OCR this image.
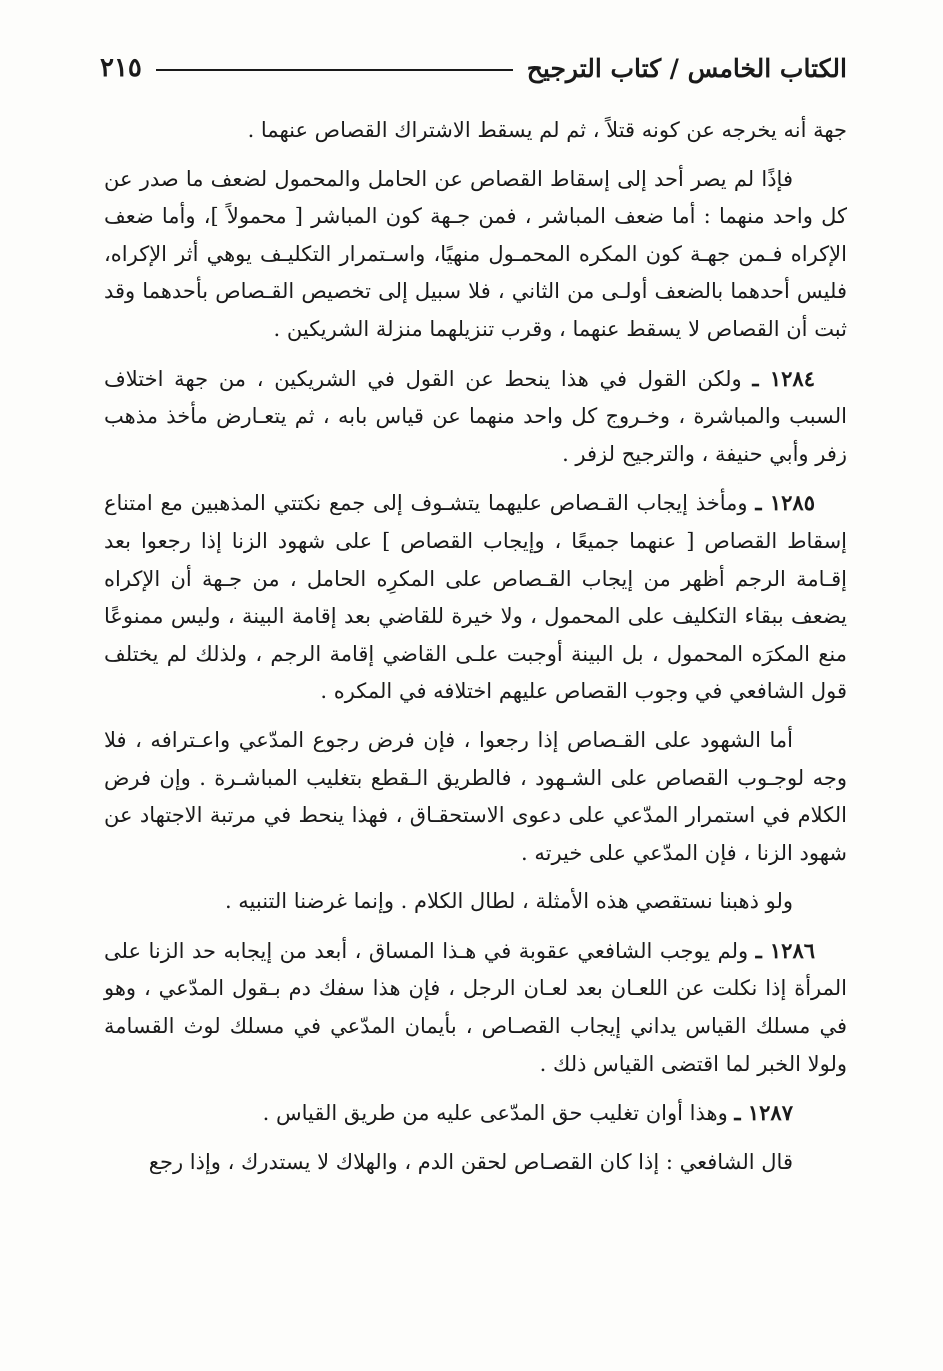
الكتاب الخامس / كتاب الترجيح
٢١٥

جهة أنه يخرجه عن كونه قتلاً ، ثم لم يسقط الاشتراك القصاص عنهما .

فإذًا لم يصر أحد إلى إسقاط القصاص عن الحامل والمحمول لضعف ما صدر عن كل واحد منهما : أما ضعف المباشر ، فمن جـهة كون المباشر [ محمولاً ]، وأما ضعف الإكراه فـمن جهـة كون المكره المحمـول منهيًا، واسـتمرار التكليـف يوهي أثر الإكراه، فليس أحدهما بالضعف أولـى من الثاني ، فلا سبيل إلى تخصيص القـصاص بأحدهما وقد ثبت أن القصاص لا يسقط عنهما ، وقرب تنزيلهما منزلة الشريكين .

١٢٨٤ ـ ولكن القول في هذا ينحط عن القول في الشريكين ، من جهة اختلاف السبب والمباشرة ، وخـروج كل واحد منهما عن قياس بابه ، ثم يتعـارض مأخذ مذهب زفر وأبي حنيفة ، والترجيح لزفر .

١٢٨٥ ـ ومأخذ إيجاب القـصاص عليهما يتشـوف إلى جمع نكتتي المذهبين مع امتناع إسقاط القصاص [ عنهما جميعًا ، وإيجاب القصاص ] على شهود الزنا إذا رجعوا بعد إقـامة الرجم أظهر من إيجاب القـصاص على المكرِه الحامل ، من جـهة أن الإكراه يضعف ببقاء التكليف على المحمول ، ولا خيرة للقاضي بعد إقامة البينة ، وليس ممنوعًا منع المكرَه المحمول ، بل البينة أوجبت علـى القاضي إقامة الرجم ، ولذلك لم يختلف قول الشافعي في وجوب القصاص عليهم اختلافه في المكره .

أما الشهود على القـصاص إذا رجعوا ، فإن فرض رجوع المدّعي واعـترافه ، فلا وجه لوجـوب القصاص على الشـهود ، فالطريق الـقطع بتغليب المباشـرة . وإن فرض الكلام في استمرار المدّعي على دعوى الاستحقـاق ، فهذا ينحط في مرتبة الاجتهاد عن شهود الزنا ، فإن المدّعي على خيرته .

ولو ذهبنا نستقصي هذه الأمثلة ، لطال الكلام . وإنما غرضنا التنبيه .

١٢٨٦ ـ ولم يوجب الشافعي عقوبة في هـذا المساق ، أبعد من إيجابه حد الزنا على المرأة إذا نكلت عن اللعـان بعد لعـان الرجل ، فإن هذا سفك دم بـقول المدّعي ، وهو في مسلك القياس يداني إيجاب القصـاص ، بأيمان المدّعي في مسلك لوث القسامة ولولا الخبر لما اقتضى القياس ذلك .

١٢٨٧ ـ وهذا أوان تغليب حق المدّعى عليه من طريق القياس .

قال الشافعي : إذا كان القصـاص لحقن الدم ، والهلاك لا يستدرك ، وإذا رجع
